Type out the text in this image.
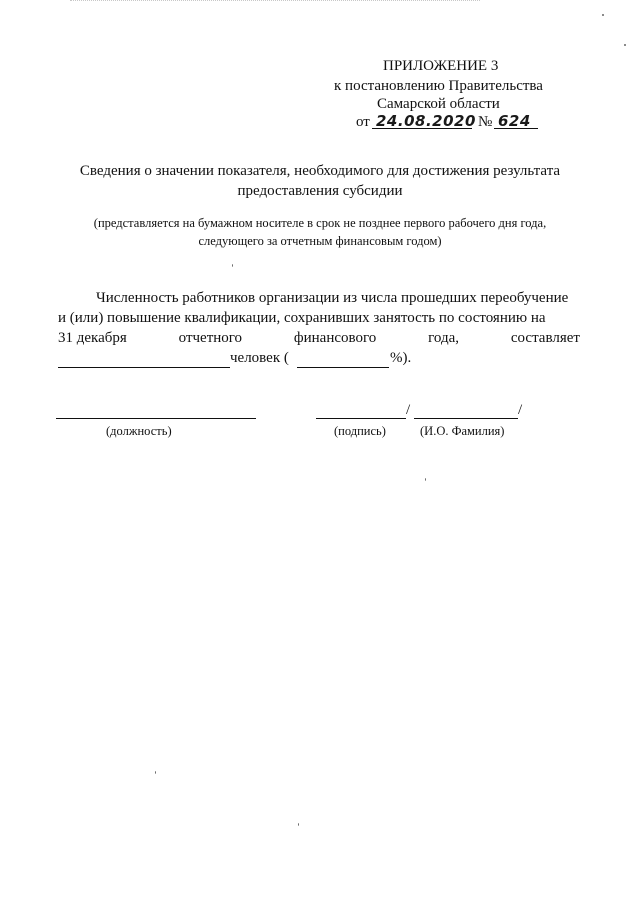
ПРИЛОЖЕНИЕ 3
к постановлению Правительства
Самарской области
от 24.08.2020 № 624
Сведения о значении показателя, необходимого для достижения результата
предоставления субсидии
(представляется на бумажном носителе в срок не позднее первого рабочего дня года,
следующего за отчетным финансовым годом)
Численность работников организации из числа прошедших переобучение
и (или) повышение квалификации, сохранивших занятость по состоянию на
31 декабря	отчетного	финансового	года,	составляет
человек (	%).
(должность)
/	/
(подпись)	(И.О. Фамилия)
